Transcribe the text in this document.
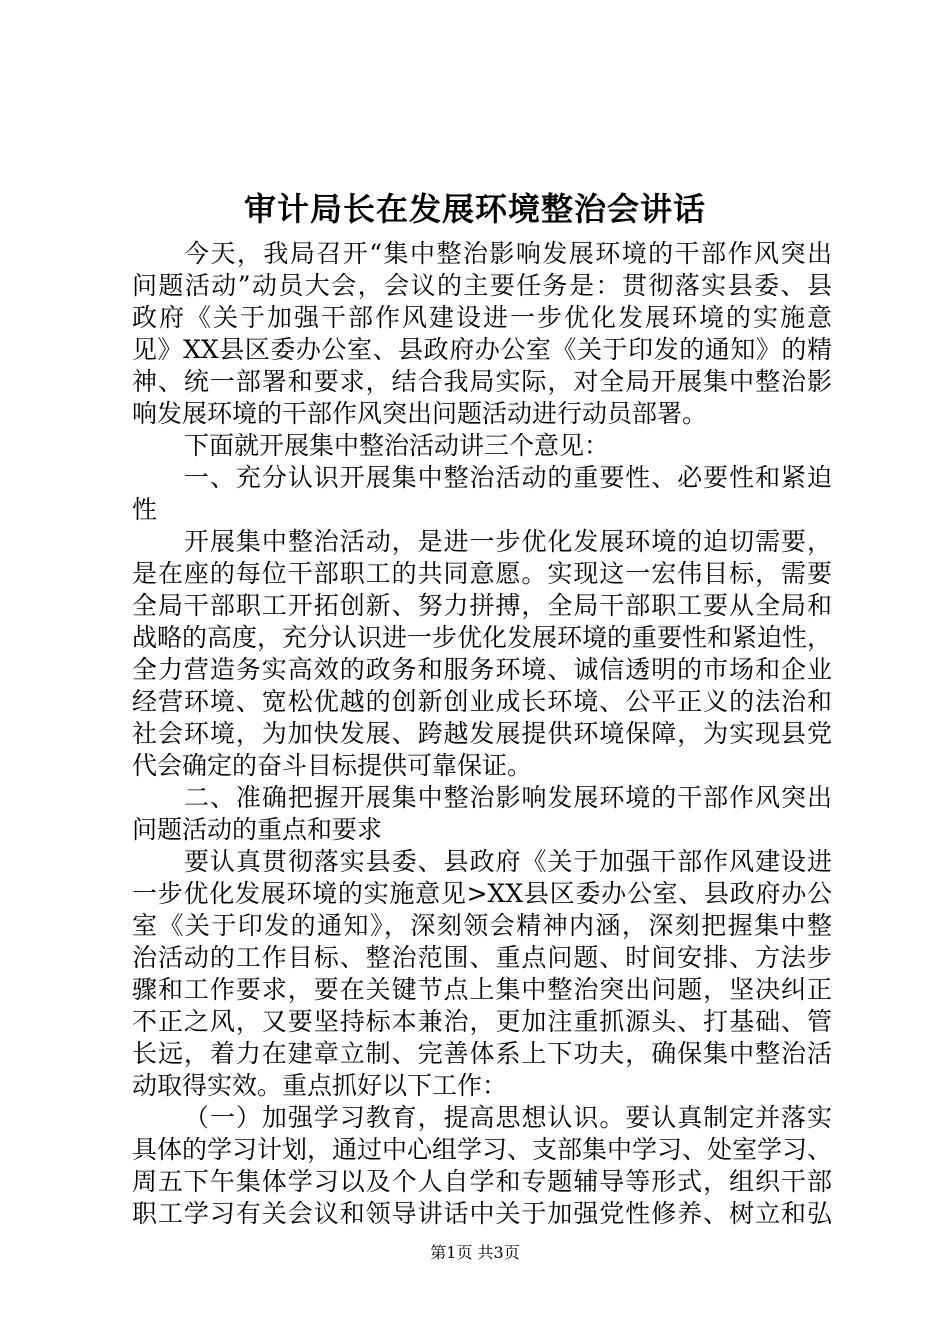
审计局长在发展环境整治会讲话
今天，我局召开“集中整治影响发展环境的干部作风突出
问题活动”动员大会，会议的主要任务是：贯彻落实县委、县
政府《关于加强干部作风建设进一步优化发展环境的实施意
见》XX县区委办公室、县政府办公室《关于印发的通知》的精
神、统一部署和要求，结合我局实际，对全局开展集中整治影
响发展环境的干部作风突出问题活动进行动员部署。
下面就开展集中整治活动讲三个意见：
一、充分认识开展集中整治活动的重要性、必要性和紧迫
性
开展集中整治活动，是进一步优化发展环境的迫切需要，
是在座的每位干部职工的共同意愿。实现这一宏伟目标，需要
全局干部职工开拓创新、努力拼搏，全局干部职工要从全局和
战略的高度，充分认识进一步优化发展环境的重要性和紧迫性，
全力营造务实高效的政务和服务环境、诚信透明的市场和企业
经营环境、宽松优越的创新创业成长环境、公平正义的法治和
社会环境，为加快发展、跨越发展提供环境保障，为实现县党
代会确定的奋斗目标提供可靠保证。
二、准确把握开展集中整治影响发展环境的干部作风突出
问题活动的重点和要求
要认真贯彻落实县委、县政府《关于加强干部作风建设进
一步优化发展环境的实施意见>XX县区委办公室、县政府办公
室《关于印发的通知》，深刻领会精神内涵，深刻把握集中整
治活动的工作目标、整治范围、重点问题、时间安排、方法步
骤和工作要求，要在关键节点上集中整治突出问题，坚决纠正
不正之风，又要坚持标本兼治，更加注重抓源头、打基础、管
长远，着力在建章立制、完善体系上下功夫，确保集中整治活
动取得实效。重点抓好以下工作：
（一）加强学习教育，提高思想认识。要认真制定并落实
具体的学习计划，通过中心组学习、支部集中学习、处室学习、
周五下午集体学习以及个人自学和专题辅导等形式，组织干部
职工学习有关会议和领导讲话中关于加强党性修养、树立和弘
第1页 共3页
